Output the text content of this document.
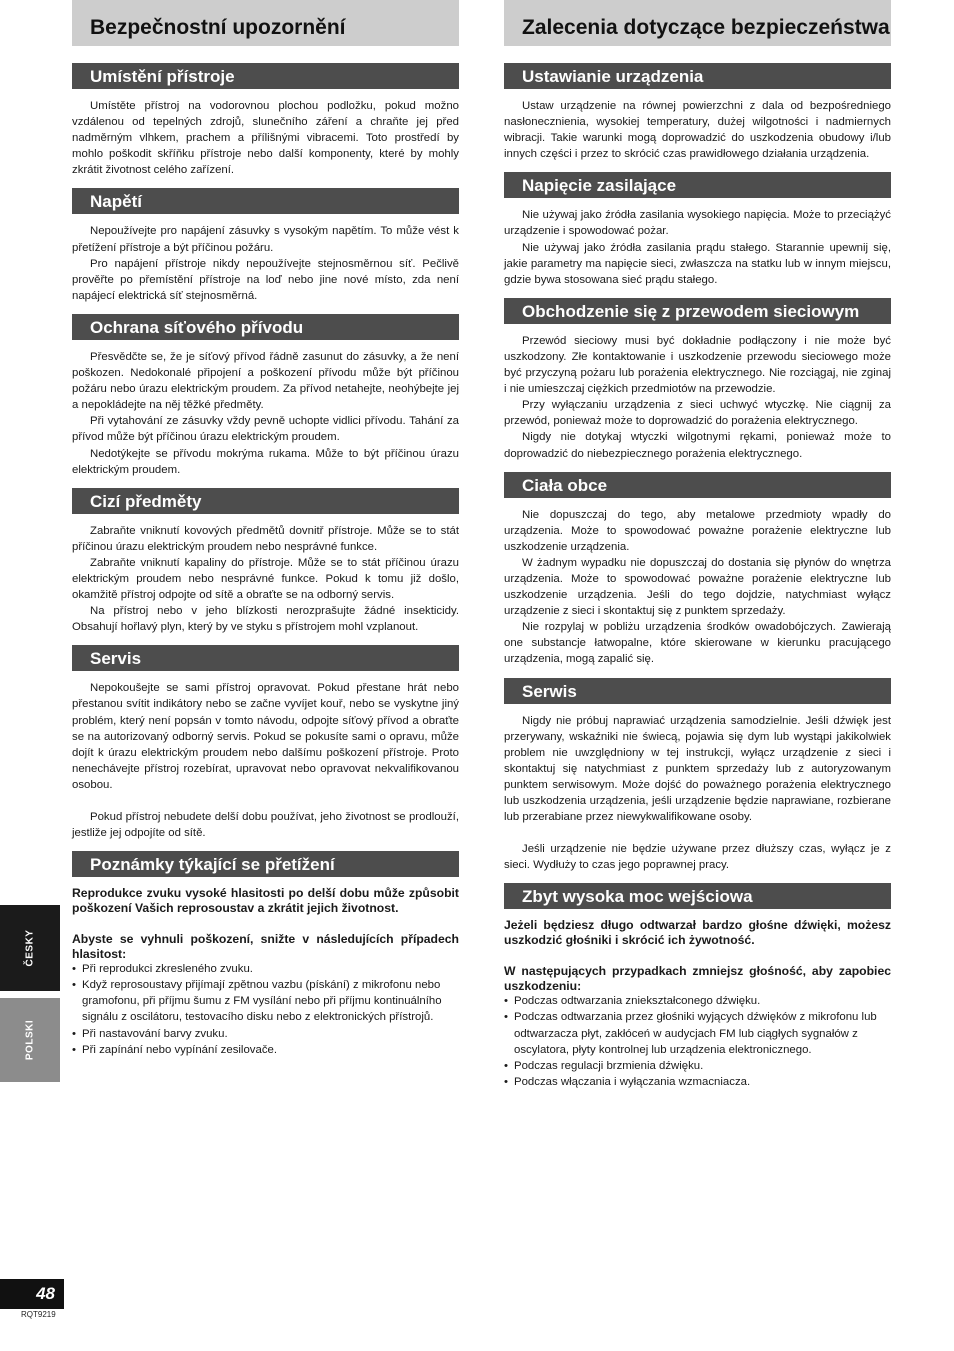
Bezpečnostní upozornění
Umístění přístroje

Umístěte přístroj na vodorovnou plochou podložku, pokud možno vzdálenou od tepelných zdrojů, slunečního záření a chraňte jej před nadměrným vlhkem, prachem a přílišnými vibracemi. Toto prostředí by mohlo poškodit skříňku přístroje nebo další komponenty, které by mohly zkrátit životnost celého zařízení.

Napětí

Nepoužívejte pro napájení zásuvky s vysokým napětím. To může vést k přetížení přístroje a být příčinou požáru.

Pro napájení přístroje nikdy nepoužívejte stejnosměrnou síť. Pečlivě prověřte po přemístění přístroje na loď nebo jine nové místo, zda není napájecí elektrická síť stejnosměrná.

Ochrana síťového přívodu

Přesvědčte se, že je síťový přívod řádně zasunut do zásuvky, a že není poškozen. Nedokonalé připojení a poškození přívodu může být příčinou požáru nebo úrazu elektrickým proudem. Za přívod netahejte, neohýbejte jej a nepokládejte na něj těžké předměty.

Při vytahování ze zásuvky vždy pevně uchopte vidlici přívodu. Tahání za přívod může být příčinou úrazu elektrickým proudem.

Nedotýkejte se přívodu mokrýma rukama. Může to být příčinou úrazu elektrickým proudem.

Cizí předměty

Zabraňte vniknutí kovových předmětů dovnitř přístroje. Může se to stát příčinou úrazu elektrickým proudem nebo nesprávné funkce.

Zabraňte vniknutí kapaliny do přístroje. Může se to stát příčinou úrazu elektrickým proudem nebo nesprávné funkce. Pokud k tomu již došlo, okamžitě přístroj odpojte od sítě a obraťte se na odborný servis.

Na přístroj nebo v jeho blízkosti nerozprašujte žádné insekticidy. Obsahují hořlavý plyn, který by ve styku s přístrojem mohl vzplanout.

Servis

Nepokoušejte se sami přístroj opravovat. Pokud přestane hrát nebo přestanou svítit indikátory nebo se začne vyvíjet kouř, nebo se vyskytne jiný problém, který není popsán v tomto návodu, odpojte síťový přívod a obraťte se na autorizovaný odborný servis. Pokud se pokusíte sami o opravu, může dojít k úrazu elektrickým proudem nebo dalšímu poškození přístroje. Proto nenechávejte přístroj rozebírat, upravovat nebo opravovat nekvalifikovanou osobou.

Pokud přístroj nebudete delší dobu používat, jeho životnost se prodlouží, jestliže jej odpojíte od sítě.

Poznámky týkající se přetížení

Reprodukce zvuku vysoké hlasitosti po delší dobu může způsobit poškození Vašich reprosoustav a zkrátit jejich životnost.

Abyste se vyhnuli poškození, snižte v následujících případech hlasitost:

• Při reprodukci zkresleného zvuku.
• Když reprosoustavy přijímají zpětnou vazbu (pískání) z mikrofonu nebo gramofonu, při příjmu šumu z FM vysílání nebo při příjmu kontinuálního signálu z oscilátoru, testovacího disku nebo z elektronických přístrojů.
• Při nastavování barvy zvuku.
• Při zapínání nebo vypínání zesilovače.
Zalecenia dotyczące bezpieczeństwa
Ustawianie urządzenia

Ustaw urządzenie na równej powierzchni z dala od bezpośredniego nasłonecznienia, wysokiej temperatury, dużej wilgotności i nadmiernych wibracji. Takie warunki mogą doprowadzić do uszkodzenia obudowy i/lub innych części i przez to skrócić czas prawidłowego działania urządzenia.

Napięcie zasilające

Nie używaj jako źródła zasilania wysokiego napięcia. Może to przeciążyć urządzenie i spowodować pożar.

Nie używaj jako źródła zasilania prądu stałego. Starannie upewnij się, jakie parametry ma napięcie sieci, zwłaszcza na statku lub w innym miejscu, gdzie bywa stosowana sieć prądu stałego.

Obchodzenie się z przewodem sieciowym

Przewód sieciowy musi być dokładnie podłączony i nie może być uszkodzony. Złe kontaktowanie i uszkodzenie przewodu sieciowego może być przyczyną pożaru lub porażenia elektrycznego. Nie rozciągaj, nie zginaj i nie umieszczaj ciężkich przedmiotów na przewodzie.

Przy wyłączaniu urządzenia z sieci uchwyć wtyczkę. Nie ciągnij za przewód, ponieważ może to doprowadzić do porażenia elektrycznego.

Nigdy nie dotykaj wtyczki wilgotnymi rękami, ponieważ może to doprowadzić do niebezpiecznego porażenia elektrycznego.

Ciała obce

Nie dopuszczaj do tego, aby metalowe przedmioty wpadły do urządzenia. Może to spowodować poważne porażenie elektryczne lub uszkodzenie urządzenia.

W żadnym wypadku nie dopuszczaj do dostania się płynów do wnętrza urządzenia. Może to spowodować poważne porażenie elektryczne lub uszkodzenie urządzenia. Jeśli do tego dojdzie, natychmiast wyłącz urządzenie z sieci i skontaktuj się z punktem sprzedaży.

Nie rozpylaj w pobliżu urządzenia środków owadobójczych. Zawierają one substancje łatwopalne, które skierowane w kierunku pracującego urządzenia, mogą zapalić się.

Serwis

Nigdy nie próbuj naprawiać urządzenia samodzielnie. Jeśli dźwięk jest przerywany, wskaźniki nie świecą, pojawia się dym lub wystąpi jakikolwiek problem nie uwzględniony w tej instrukcji, wyłącz urządzenie z sieci i skontaktuj się natychmiast z punktem sprzedaży lub z autoryzowanym punktem serwisowym. Może dojść do poważnego porażenia elektrycznego lub uszkodzenia urządzenia, jeśli urządzenie będzie naprawiane, rozbierane lub przerabiane przez niewykwalifikowane osoby.

Jeśli urządzenie nie będzie używane przez dłuższy czas, wyłącz je z sieci. Wydłuży to czas jego poprawnej pracy.

Zbyt wysoka moc wejściowa

Jeżeli będziesz długo odtwarzał bardzo głośne dźwięki, możesz uszkodzić głośniki i skrócić ich żywotność.

W następujących przypadkach zmniejsz głośność, aby zapobiec uszkodzeniu:

• Podczas odtwarzania zniekształconego dźwięku.
• Podczas odtwarzania przez głośniki wyjących dźwięków z mikrofonu lub odtwarzacza płyt, zakłóceń w audycjach FM lub ciągłych sygnałów z oscylatora, płyty kontrolnej lub urządzenia elektronicznego.
• Podczas regulacji brzmienia dźwięku.
• Podczas włączania i wyłączania wzmacniacza.
ČESKY
POLSKI
48
RQT9219
